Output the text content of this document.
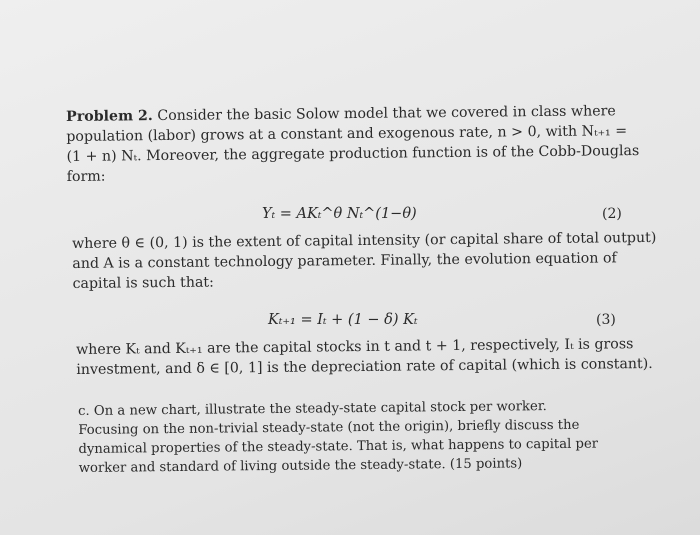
Problem 2. Consider the basic Solow model that we covered in class where
population (labor) grows at a constant and exogenous rate, n > 0, with Nₜ₊₁ =
(1 + n) Nₜ. Moreover, the aggregate production function is of the Cobb-Douglas
form:
Yₜ = AKₜ^θ Nₜ^(1−θ)	(2)
where θ ∈ (0, 1) is the extent of capital intensity (or capital share of total output)
and A is a constant technology parameter. Finally, the evolution equation of
capital is such that:
Kₜ₊₁ = Iₜ + (1 − δ) Kₜ	(3)
where Kₜ and Kₜ₊₁ are the capital stocks in t and t + 1, respectively, Iₜ is gross
investment, and δ ∈ [0, 1] is the depreciation rate of capital (which is constant).
c. On a new chart, illustrate the steady-state capital stock per worker.
Focusing on the non-trivial steady-state (not the origin), briefly discuss the
dynamical properties of the steady-state. That is, what happens to capital per
worker and standard of living outside the steady-state. (15 points)
